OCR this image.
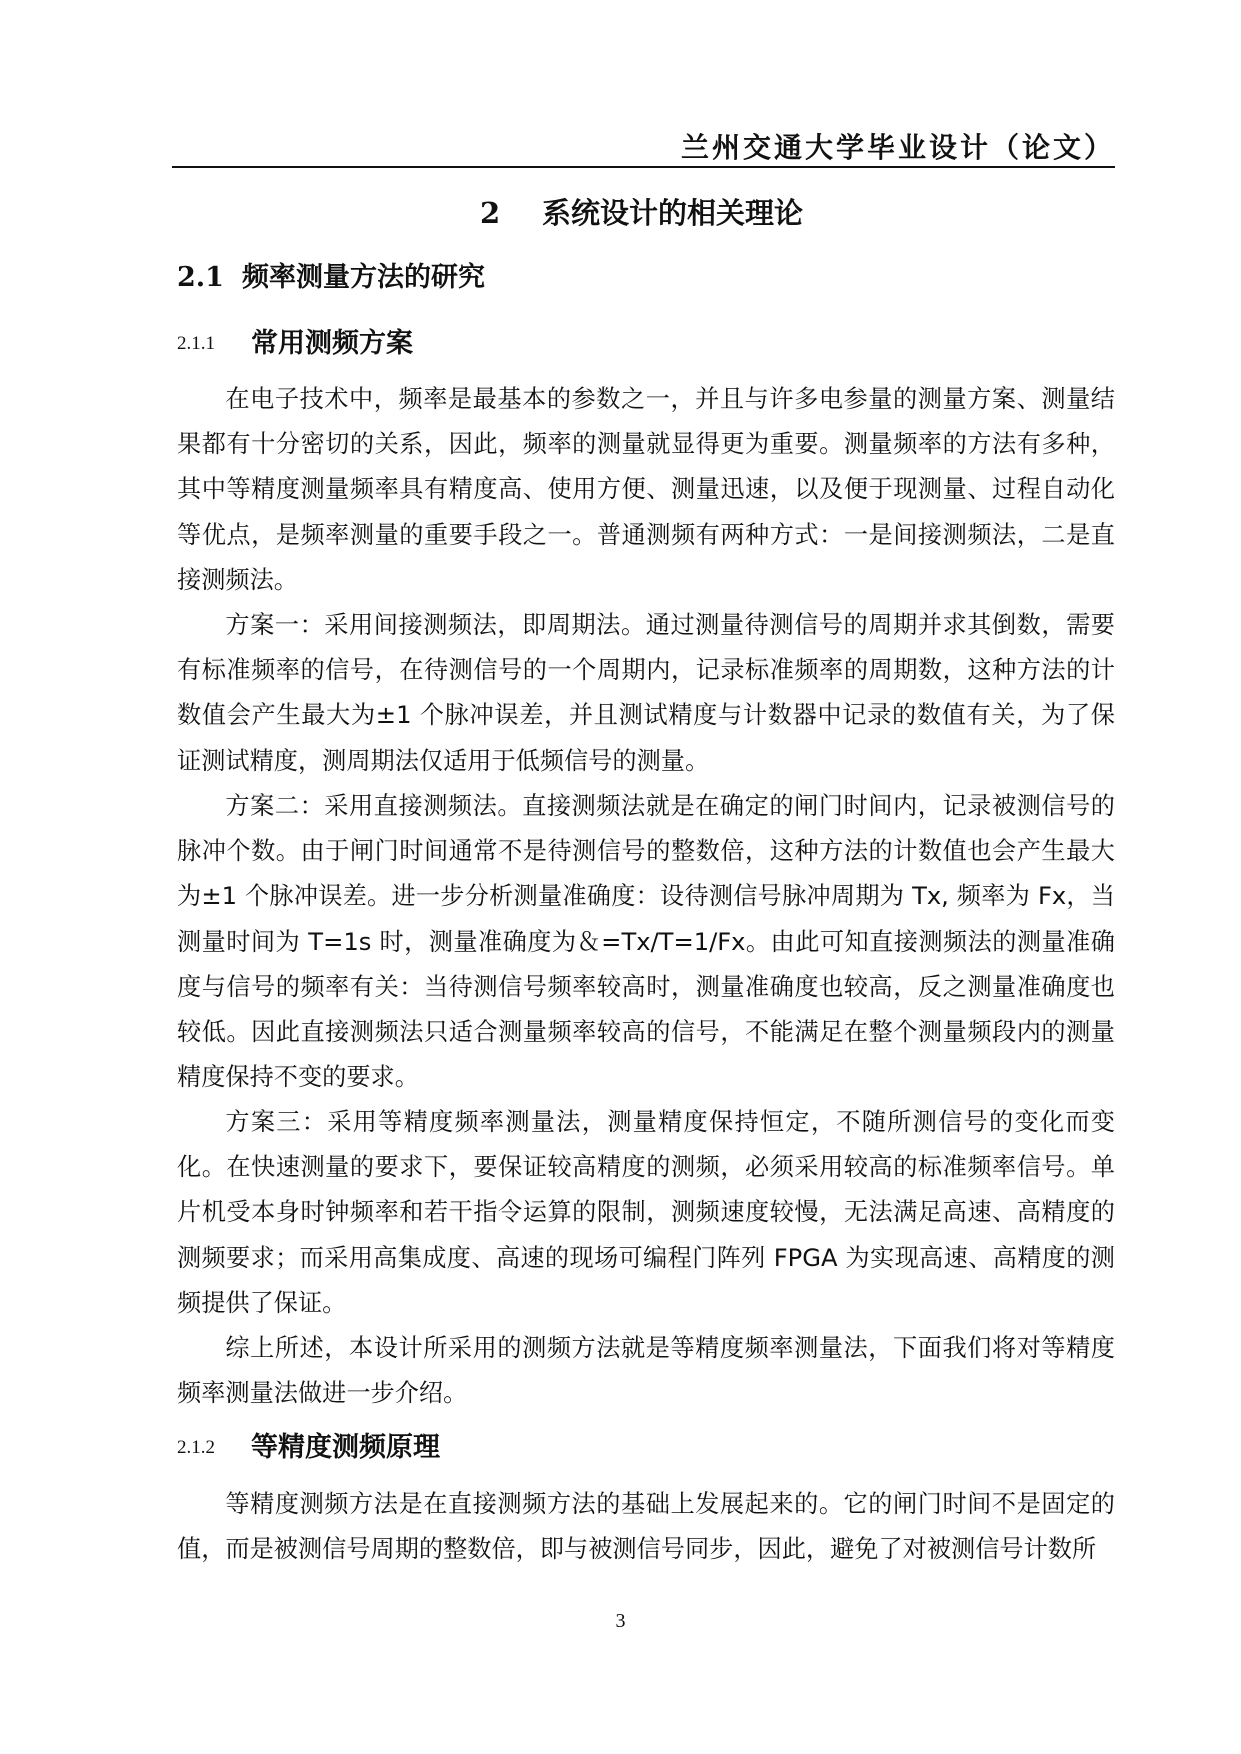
兰州交通大学毕业设计（论文）
2 系统设计的相关理论
2.1 频率测量方法的研究
2.1.1 常用测频方案

在电子技术中，频率是最基本的参数之一，并且与许多电参量的测量方案、测量结果都有十分密切的关系，因此，频率的测量就显得更为重要。测量频率的方法有多种，其中等精度测量频率具有精度高、使用方便、测量迅速，以及便于现测量、过程自动化等优点，是频率测量的重要手段之一。普通测频有两种方式：一是间接测频法，二是直接测频法。

方案一：采用间接测频法，即周期法。通过测量待测信号的周期并求其倒数，需要有标准频率的信号，在待测信号的一个周期内，记录标准频率的周期数，这种方法的计数值会产生最大为±1 个脉冲误差，并且测试精度与计数器中记录的数值有关，为了保证测试精度，测周期法仅适用于低频信号的测量。

方案二：采用直接测频法。直接测频法就是在确定的闸门时间内，记录被测信号的脉冲个数。由于闸门时间通常不是待测信号的整数倍，这种方法的计数值也会产生最大为±1 个脉冲误差。进一步分析测量准确度：设待测信号脉冲周期为 Tx, 频率为 Fx，当测量时间为 T=1s 时，测量准确度为＆=Tx/T=1/Fx。由此可知直接测频法的测量准确度与信号的频率有关：当待测信号频率较高时，测量准确度也较高，反之测量准确度也较低。因此直接测频法只适合测量频率较高的信号，不能满足在整个测量频段内的测量精度保持不变的要求。

方案三：采用等精度频率测量法，测量精度保持恒定，不随所测信号的变化而变化。在快速测量的要求下，要保证较高精度的测频，必须采用较高的标准频率信号。单片机受本身时钟频率和若干指令运算的限制，测频速度较慢，无法满足高速、高精度的测频要求；而采用高集成度、高速的现场可编程门阵列 FPGA 为实现高速、高精度的测频提供了保证。

综上所述，本设计所采用的测频方法就是等精度频率测量法，下面我们将对等精度频率测量法做进一步介绍。

2.1.2 等精度测频原理

等精度测频方法是在直接测频方法的基础上发展起来的。它的闸门时间不是固定的值，而是被测信号周期的整数倍，即与被测信号同步，因此，避免了对被测信号计数所

3
